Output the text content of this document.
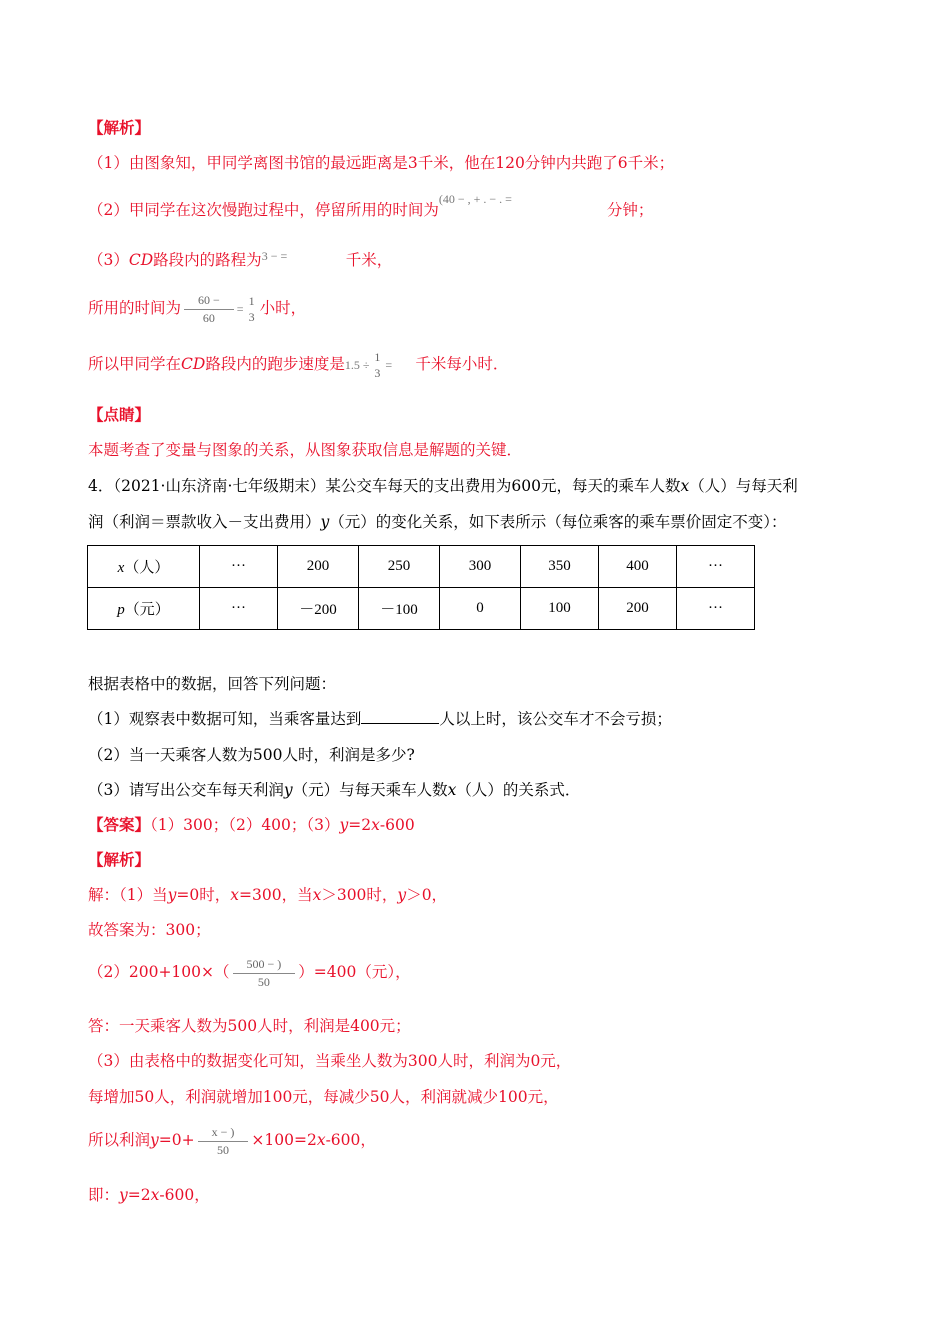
【解析】
（1）由图象知，甲同学离图书馆的最远距离是3千米，他在120分钟内共跑了6千米；
（2）甲同学在这次慢跑过程中，停留所用的时间为(40 − , + . − . =分钟；
（3）CD路段内的路程为3 − =	千米，
所用的时间为 $\frac{60 -}{60}$ =
1
3 小时，
所以甲同学在CD路段内的跑步速度是1.5 ÷
1
3
= 千米每小时．
【点睛】
本题考查了变量与图象的关系，从图象获取信息是解题的关键．
4．（2021·山东济南·七年级期末）某公交车每天的支出费用为600元，每天的乘车人数x（人）与每天利
润（利润＝票款收入－支出费用）y（元）的变化关系，如下表所示（每位乘客的乘车票价固定不变）：
x（人）	···	200	250	300	350	400	···
p（元）	···	－200	－100	0	100	200	···
根据表格中的数据，回答下列问题：
（1）观察表中数据可知，当乘客量达到	人以上时，该公交车才不会亏损；
（2）当一天乘客人数为500人时，利润是多少?
（3）请写出公交车每天利润y（元）与每天乘车人数x（人）的关系式．
【答案】（1）300；（2）400；（3）y=2x-600
【解析】
解：（1）当y=0时，x=300，当x＞300时，y＞0，
故答案为：300；
$(2)200+100\times( \frac{500 - )}{50} )=400$（元），
答：一天乘客人数为500人时，利润是400元；
（3）由表格中的数据变化可知，当乘坐人数为300人时，利润为0元，
每增加50人，利润就增加100元，每减少50人，利润就减少100元，
所以利润$y=0+ \frac{x - )}{50} \times 100=2x-600$，
即：y=2x-600，
